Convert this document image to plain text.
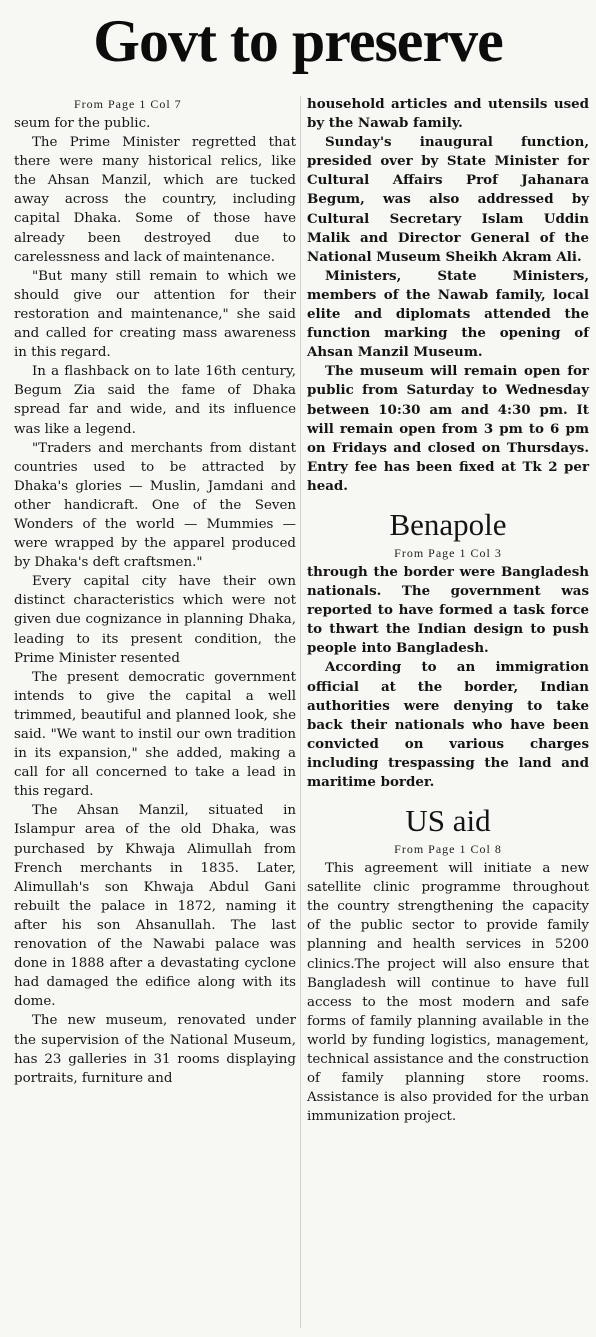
Govt to preserve
From Page 1 Col 7

seum for the public.

The Prime Minister regretted that there were many historical relics, like the Ahsan Manzil, which are tucked away across the country, including capital Dhaka. Some of those have already been destroyed due to carelessness and lack of maintenance.

"But many still remain to which we should give our attention for their restoration and maintenance," she said and called for creating mass awareness in this regard.

In a flashback on to late 16th century, Begum Zia said the fame of Dhaka spread far and wide, and its influence was like a legend.

"Traders and merchants from distant countries used to be attracted by Dhaka's glories — Muslin, Jamdani and other handicraft. One of the Seven Wonders of the world — Mummies — were wrapped by the apparel produced by Dhaka's deft craftsmen."

Every capital city have their own distinct characteristics which were not given due cognizance in planning Dhaka, leading to its present condition, the Prime Minister resented

The present democratic government intends to give the capital a well trimmed, beautiful and planned look, she said. "We want to instil our own tradition in its expansion," she added, making a call for all concerned to take a lead in this regard.

The Ahsan Manzil, situated in Islampur area of the old Dhaka, was purchased by Khwaja Alimullah from French merchants in 1835. Later, Alimullah's son Khwaja Abdul Gani rebuilt the palace in 1872, naming it after his son Ahsanullah. The last renovation of the Nawabi palace was done in 1888 after a devastating cyclone had damaged the edifice along with its dome.

The new museum, renovated under the supervision of the National Museum, has 23 galleries in 31 rooms displaying portraits, furniture and

household articles and utensils used by the Nawab family.

Sunday's inaugural function, presided over by State Minister for Cultural Affairs Prof Jahanara Begum, was also addressed by Cultural Secretary Islam Uddin Malik and Director General of the National Museum Sheikh Akram Ali.

Ministers, State Ministers, members of the Nawab family, local elite and diplomats attended the function marking the opening of Ahsan Manzil Museum.

The museum will remain open for public from Saturday to Wednesday between 10:30 am and 4:30 pm. It will remain open from 3 pm to 6 pm on Fridays and closed on Thursdays. Entry fee has been fixed at Tk 2 per head.

Benapole
From Page 1 Col 3

through the border were Bangladesh nationals. The government was reported to have formed a task force to thwart the Indian design to push people into Bangladesh.

According to an immigration official at the border, Indian authorities were denying to take back their nationals who have been convicted on various charges including trespassing the land and maritime border.

US aid
From Page 1 Col 8

This agreement will initiate a new satellite clinic programme throughout the country strengthening the capacity of the public sector to provide family planning and health services in 5200 clinics.The project will also ensure that Bangladesh will continue to have full access to the most modern and safe forms of family planning available in the world by funding logistics, management, technical assistance and the construction of family planning store rooms. Assistance is also provided for the urban immunization project.
